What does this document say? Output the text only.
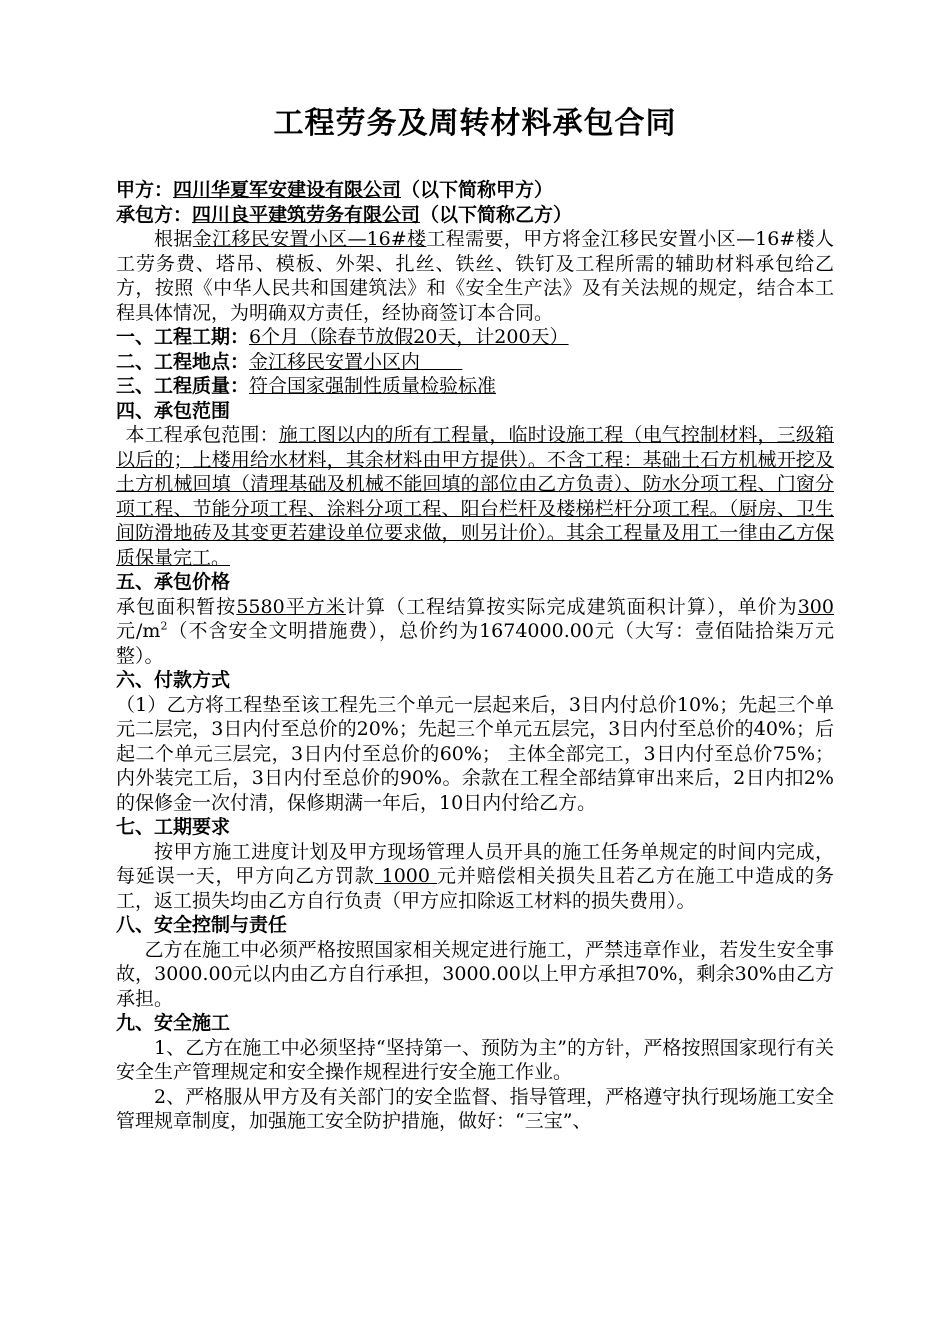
工程劳务及周转材料承包合同

甲方：四川华夏军安建设有限公司（以下简称甲方）

承包方：四川良平建筑劳务有限公司（以下简称乙方）

根据金江移民安置小区—16#楼工程需要，甲方将金江移民安置小区—16#楼人工劳务费、塔吊、模板、外架、扎丝、铁丝、铁钉及工程所需的辅助材料承包给乙方，按照《中华人民共和国建筑法》和《安全生产法》及有关法规的规定，结合本工程具体情况，为明确双方责任，经协商签订本合同。

一、工程工期：6个月（除春节放假20天，计200天）

二、工程地点：金江移民安置小区内

三、工程质量：符合国家强制性质量检验标准

四、承包范围

本工程承包范围：施工图以内的所有工程量，临时设施工程（电气控制材料，三级箱以后的；上楼用给水材料，其余材料由甲方提供）。不含工程：基础土石方机械开挖及土方机械回填（清理基础及机械不能回填的部位由乙方负责）、防水分项工程、门窗分项工程、节能分项工程、涂料分项工程、阳台栏杆及楼梯栏杆分项工程。（厨房、卫生间防滑地砖及其变更若建设单位要求做，则另计价）。其余工程量及用工一律由乙方保质保量完工。

五、承包价格

承包面积暂按5580平方米计算（工程结算按实际完成建筑面积计算），单价为300 元$/m^2$（不含安全文明措施费），总价约为1674000.00元（大写：壹佰陆拾柒万元整）。

六、付款方式

（1）乙方将工程垫至该工程先三个单元一层起来后，3日内付总价10%；先起三个单元二层完，3日内付至总价的20%；先起三个单元五层完，3日内付至总价的40%；后起二个单元三层完，3日内付至总价的60%； 主体全部完工，3日内付至总价75%；内外装完工后，3日内付至总价的90%。余款在工程全部结算审出来后，2日内扣2%的保修金一次付清，保修期满一年后，10日内付给乙方。

七、工期要求

按甲方施工进度计划及甲方现场管理人员开具的施工任务单规定的时间内完成，每延误一天，甲方向乙方罚款 1000 元并赔偿相关损失且若乙方在施工中造成的务工，返工损失均由乙方自行负责（甲方应扣除返工材料的损失费用）。

八、安全控制与责任

乙方在施工中必须严格按照国家相关规定进行施工，严禁违章作业，若发生安全事故，3000.00元以内由乙方自行承担，3000.00以上甲方承担70%，剩余30%由乙方承担。

九、安全施工

1、乙方在施工中必须坚持“坚持第一、预防为主”的方针，严格按照国家现行有关安全生产管理规定和安全操作规程进行安全施工作业。

2、严格服从甲方及有关部门的安全监督、指导管理，严格遵守执行现场施工安全管理规章制度，加强施工安全防护措施，做好：“三宝”、
